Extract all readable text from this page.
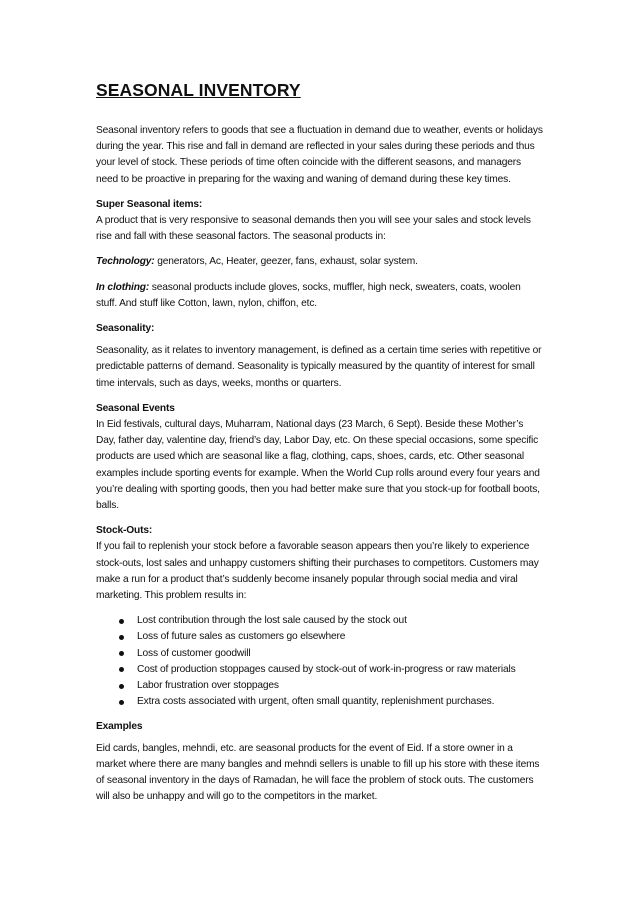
SEASONAL INVENTORY

Seasonal inventory refers to goods that see a fluctuation in demand due to weather, events or holidays during the year. This rise and fall in demand are reflected in your sales during these periods and thus your level of stock. These periods of time often coincide with the different seasons, and managers need to be proactive in preparing for the waxing and waning of demand during these key times.

Super Seasonal items:

A product that is very responsive to seasonal demands then you will see your sales and stock levels rise and fall with these seasonal factors. The seasonal products in:

Technology: generators, Ac, Heater, geezer, fans, exhaust, solar system.

In clothing: seasonal products include gloves, socks, muffler, high neck, sweaters, coats, woolen stuff. And stuff like Cotton, lawn, nylon, chiffon, etc.

Seasonality:

Seasonality, as it relates to inventory management, is defined as a certain time series with repetitive or predictable patterns of demand. Seasonality is typically measured by the quantity of interest for small time intervals, such as days, weeks, months or quarters.

Seasonal Events

In Eid festivals, cultural days, Muharram, National days (23 March, 6 Sept). Beside these Mother’s Day, father day, valentine day, friend’s day, Labor Day, etc. On these special occasions, some specific products are used which are seasonal like a flag, clothing, caps, shoes, cards, etc. Other seasonal examples include sporting events for example. When the World Cup rolls around every four years and you’re dealing with sporting goods, then you had better make sure that you stock-up for football boots, balls.

Stock-Outs:

If you fail to replenish your stock before a favorable season appears then you’re likely to experience stock-outs, lost sales and unhappy customers shifting their purchases to competitors. Customers may make a run for a product that’s suddenly become insanely popular through social media and viral marketing. This problem results in:

Lost contribution through the lost sale caused by the stock out
Loss of future sales as customers go elsewhere
Loss of customer goodwill
Cost of production stoppages caused by stock-out of work-in-progress or raw materials
Labor frustration over stoppages
Extra costs associated with urgent, often small quantity, replenishment purchases.

Examples

Eid cards, bangles, mehndi, etc. are seasonal products for the event of Eid. If a store owner in a market where there are many bangles and mehndi sellers is unable to fill up his store with these items of seasonal inventory in the days of Ramadan, he will face the problem of stock outs. The customers will also be unhappy and will go to the competitors in the market.
